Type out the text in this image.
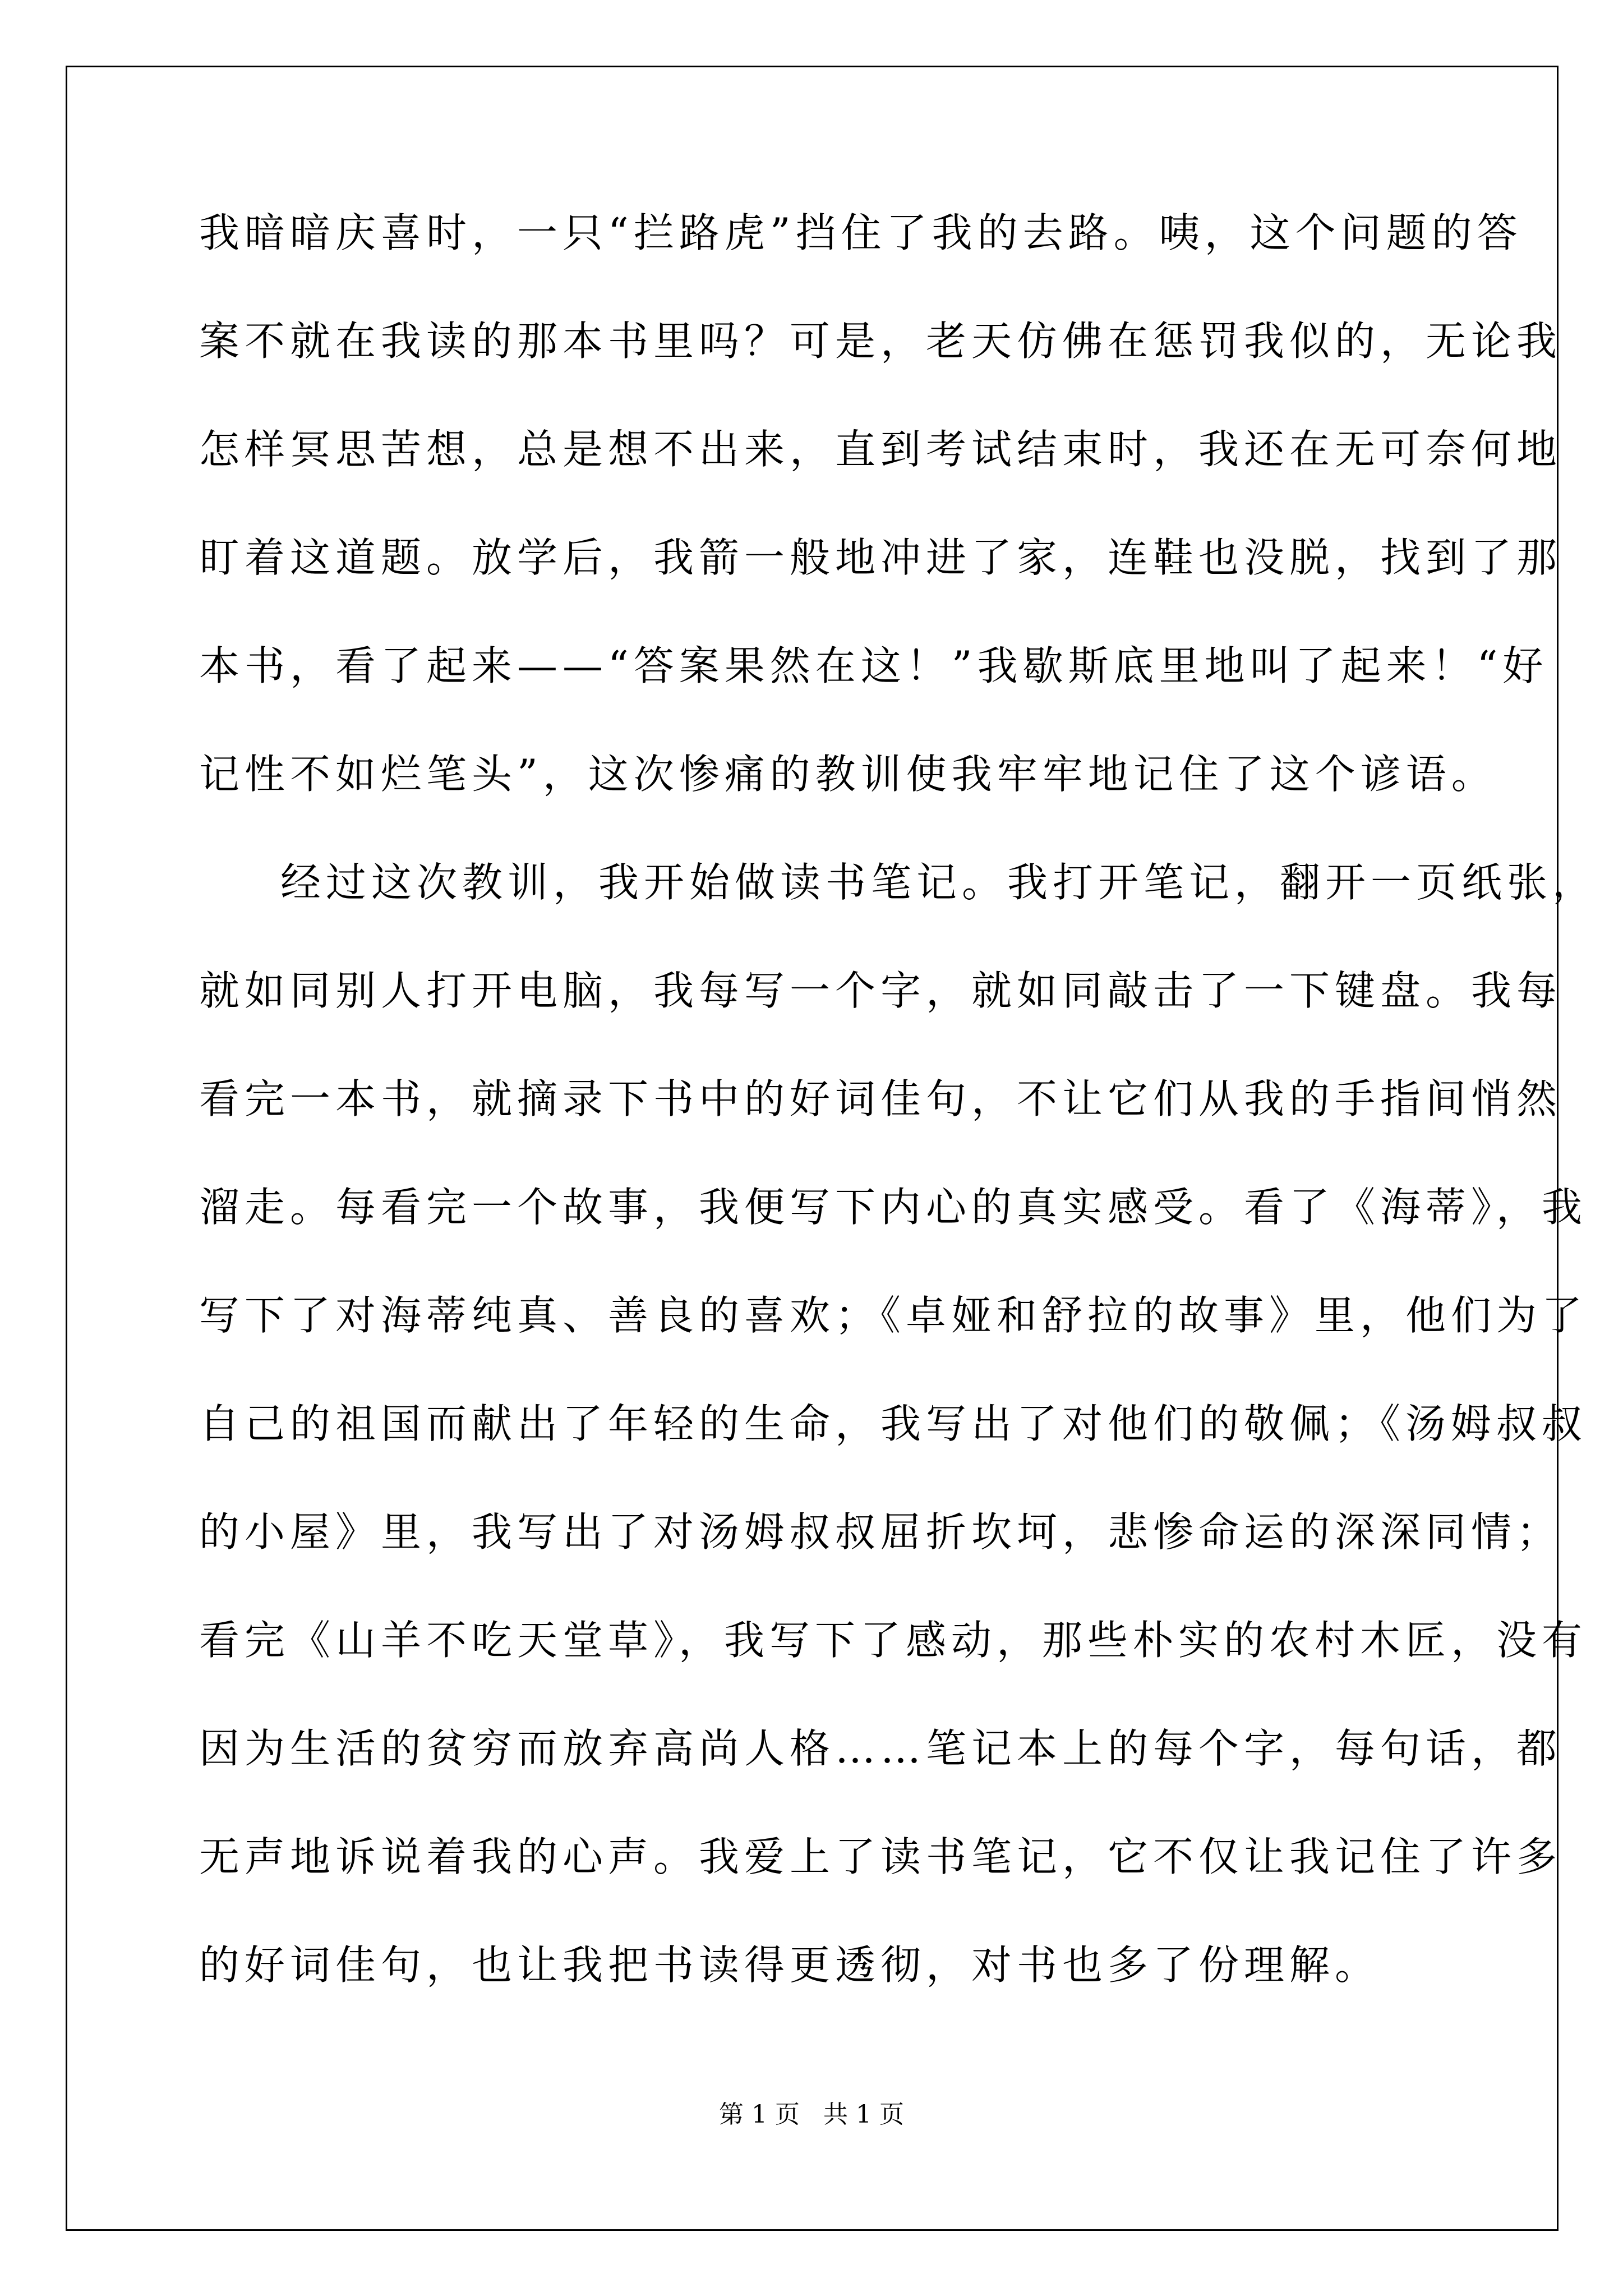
我暗暗庆喜时，一只“拦路虎”挡住了我的去路。咦，这个问题的答
案不就在我读的那本书里吗？可是，老天仿佛在惩罚我似的，无论我
怎样冥思苦想，总是想不出来，直到考试结束时，我还在无可奈何地
盯着这道题。放学后，我箭一般地冲进了家，连鞋也没脱，找到了那
本书，看了起来——“答案果然在这！”我歇斯底里地叫了起来！“好
记性不如烂笔头”，这次惨痛的教训使我牢牢地记住了这个谚语。
经过这次教训，我开始做读书笔记。我打开笔记，翻开一页纸张，
就如同别人打开电脑，我每写一个字，就如同敲击了一下键盘。我每
看完一本书，就摘录下书中的好词佳句，不让它们从我的手指间悄然
溜走。每看完一个故事，我便写下内心的真实感受。看了《海蒂》，我
写下了对海蒂纯真、善良的喜欢；《卓娅和舒拉的故事》里，他们为了
自己的祖国而献出了年轻的生命，我写出了对他们的敬佩；《汤姆叔叔
的小屋》里，我写出了对汤姆叔叔屈折坎坷，悲惨命运的深深同情；
看完《山羊不吃天堂草》，我写下了感动，那些朴实的农村木匠，没有
因为生活的贫穷而放弃高尚人格……笔记本上的每个字，每句话，都
无声地诉说着我的心声。我爱上了读书笔记，它不仅让我记住了许多
的好词佳句，也让我把书读得更透彻，对书也多了份理解。
第 1 页   共 1 页
